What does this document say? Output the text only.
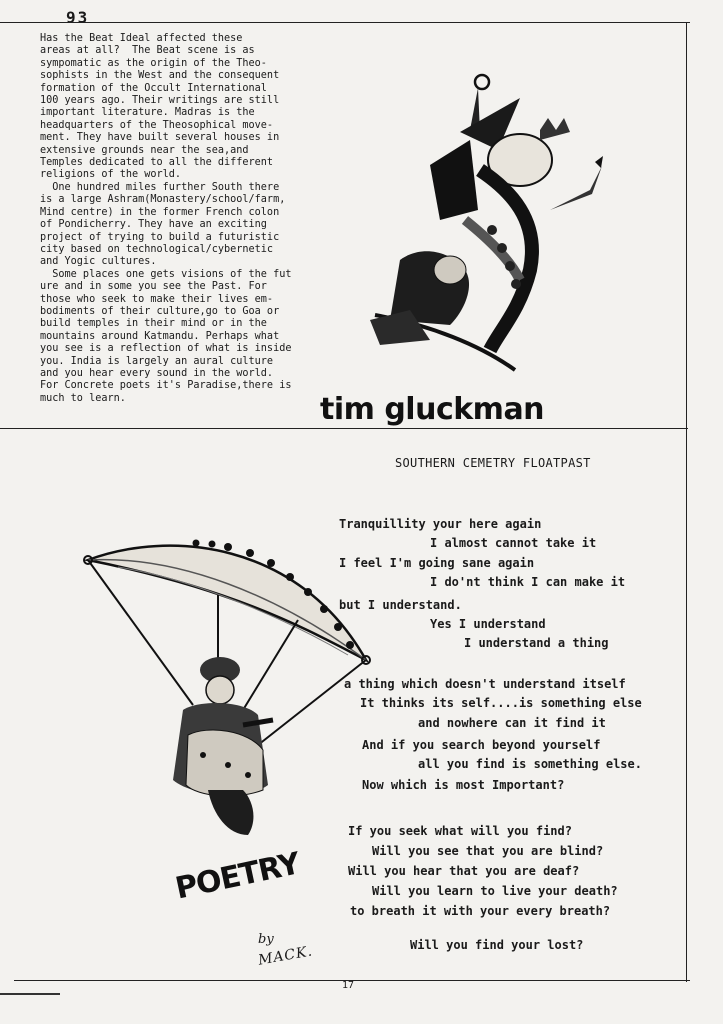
93
Has the Beat Ideal affected these
areas at all?  The Beat scene is as
sympomatic as the origin of the Theo-
sophists in the West and the consequent
formation of the Occult International
100 years ago. Their writings are still
important literature. Madras is the
headquarters of the Theosophical move-
ment. They have built several houses in
extensive grounds near the sea,and
Temples dedicated to all the different
religions of the world.
One hundred miles further South there
is a large Ashram(Monastery/school/farm,
Mind centre) in the former French colon
of Pondicherry. They have an exciting
project of trying to build a futuristic
city based on technological/cybernetic
and Yogic cultures.
Some places one gets visions of the fut
ure and in some you see the Past. For
those who seek to make their lives em-
bodiments of their culture,go to Goa or
build temples in their mind or in the
mountains around Katmandu. Perhaps what
you see is a reflection of what is inside
you. India is largely an aural culture
and you hear every sound in the world.
For Concrete poets it's Paradise,there is
much to learn.	tim gluckman
SOUTHERN CEMETRY FLOATPAST
Tranquillity your here again
I almost cannot take it
I feel I'm going sane again
I do'nt think I can make it
but I understand.
Yes I understand
I understand a thing
a thing which doesn't understand itself
It thinks its self....is something else
and nowhere can it find it
And if you search beyond yourself
all you find is something else.
Now which is most Important?
If you seek what will you find?
Will you see that you are blind?
Will you hear that you are deaf?
Will you learn to live your death?
to breath it with your every breath?
Will you find your lost?
POETRY
by
MACK.
17
